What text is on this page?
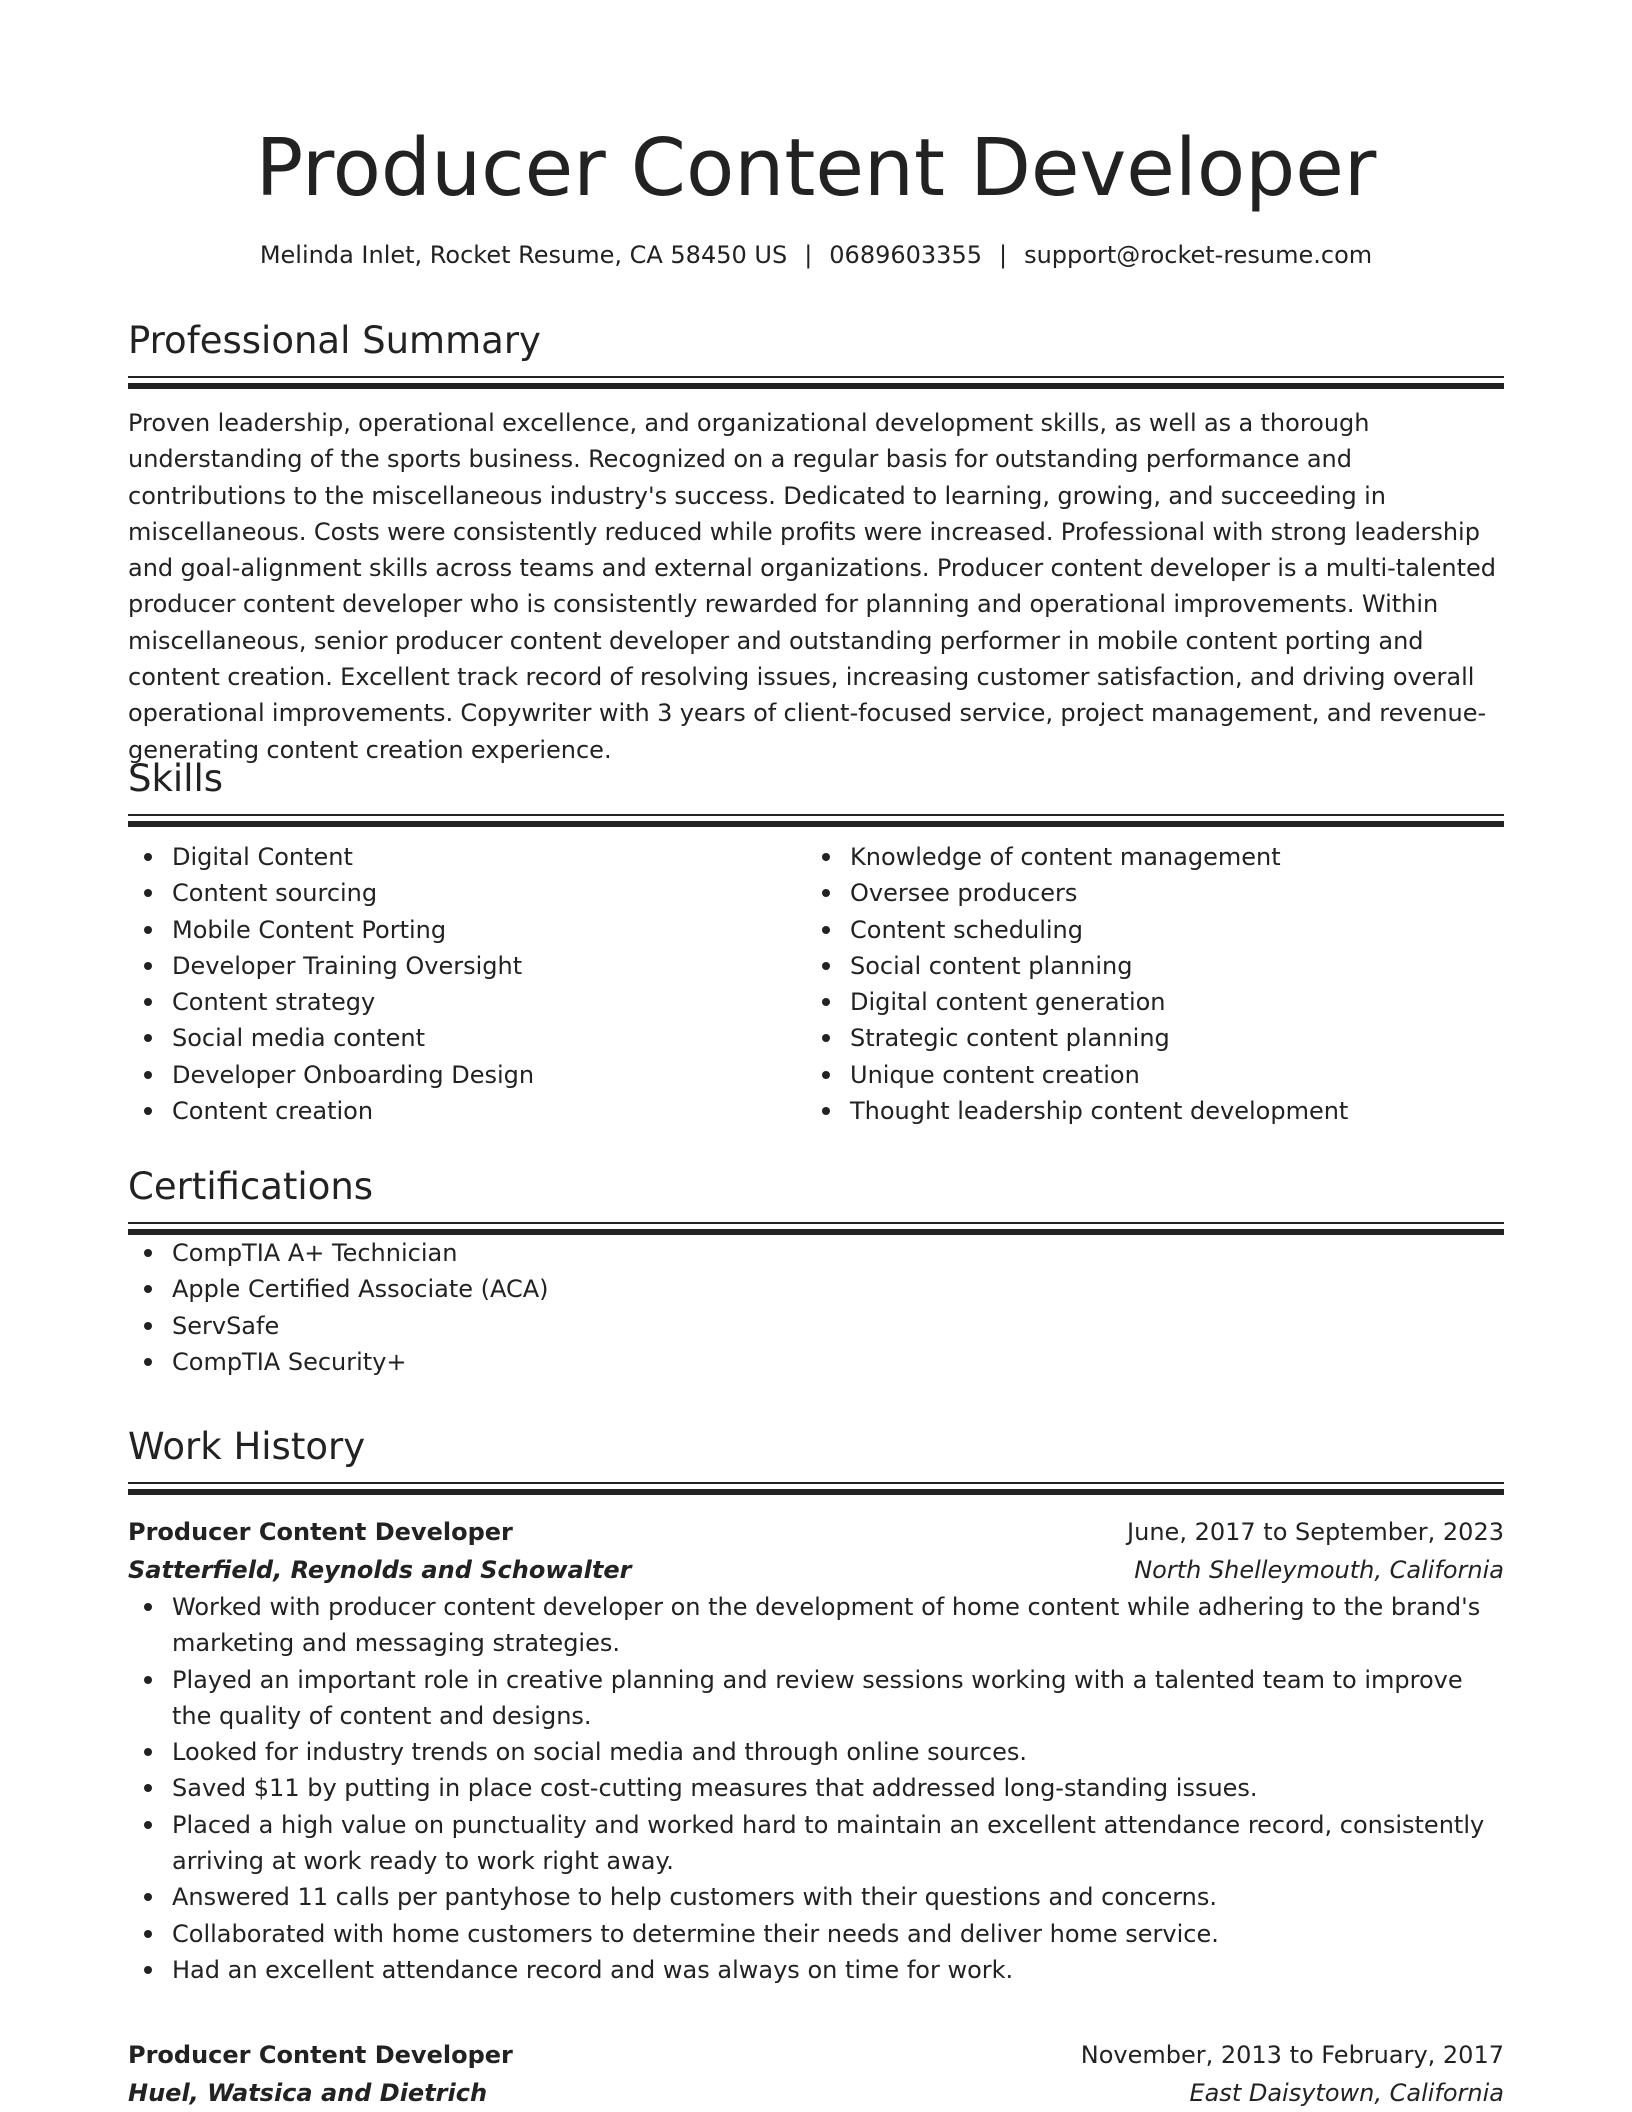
Producer Content Developer
Melinda Inlet, Rocket Resume, CA 58450 US | 0689603355 | support@rocket-resume.com
Professional Summary

Proven leadership, operational excellence, and organizational development skills, as well as a thorough understanding of the sports business. Recognized on a regular basis for outstanding performance and contributions to the miscellaneous industry's success. Dedicated to learning, growing, and succeeding in miscellaneous. Costs were consistently reduced while profits were increased. Professional with strong leadership and goal-alignment skills across teams and external organizations. Producer content developer is a multi-talented producer content developer who is consistently rewarded for planning and operational improvements. Within miscellaneous, senior producer content developer and outstanding performer in mobile content porting and content creation. Excellent track record of resolving issues, increasing customer satisfaction, and driving overall operational improvements. Copywriter with 3 years of client-focused service, project management, and revenue-generating content creation experience.

Skills
Digital Content
Content sourcing
Mobile Content Porting
Developer Training Oversight
Content strategy
Social media content
Developer Onboarding Design
Content creation
Knowledge of content management
Oversee producers
Content scheduling
Social content planning
Digital content generation
Strategic content planning
Unique content creation
Thought leadership content development
Certifications
CompTIA A+ Technician
Apple Certified Associate (ACA)
ServSafe
CompTIA Security+
Work History
Producer Content Developer	June, 2017 to September, 2023
Satterfield, Reynolds and Schowalter	North Shelleymouth, California
Worked with producer content developer on the development of home content while adhering to the brand's marketing and messaging strategies.
Played an important role in creative planning and review sessions working with a talented team to improve the quality of content and designs.
Looked for industry trends on social media and through online sources.
Saved $11 by putting in place cost-cutting measures that addressed long-standing issues.
Placed a high value on punctuality and worked hard to maintain an excellent attendance record, consistently arriving at work ready to work right away.
Answered 11 calls per pantyhose to help customers with their questions and concerns.
Collaborated with home customers to determine their needs and deliver home service.
Had an excellent attendance record and was always on time for work.
Producer Content Developer	November, 2013 to February, 2017
Huel, Watsica and Dietrich	East Daisytown, California
